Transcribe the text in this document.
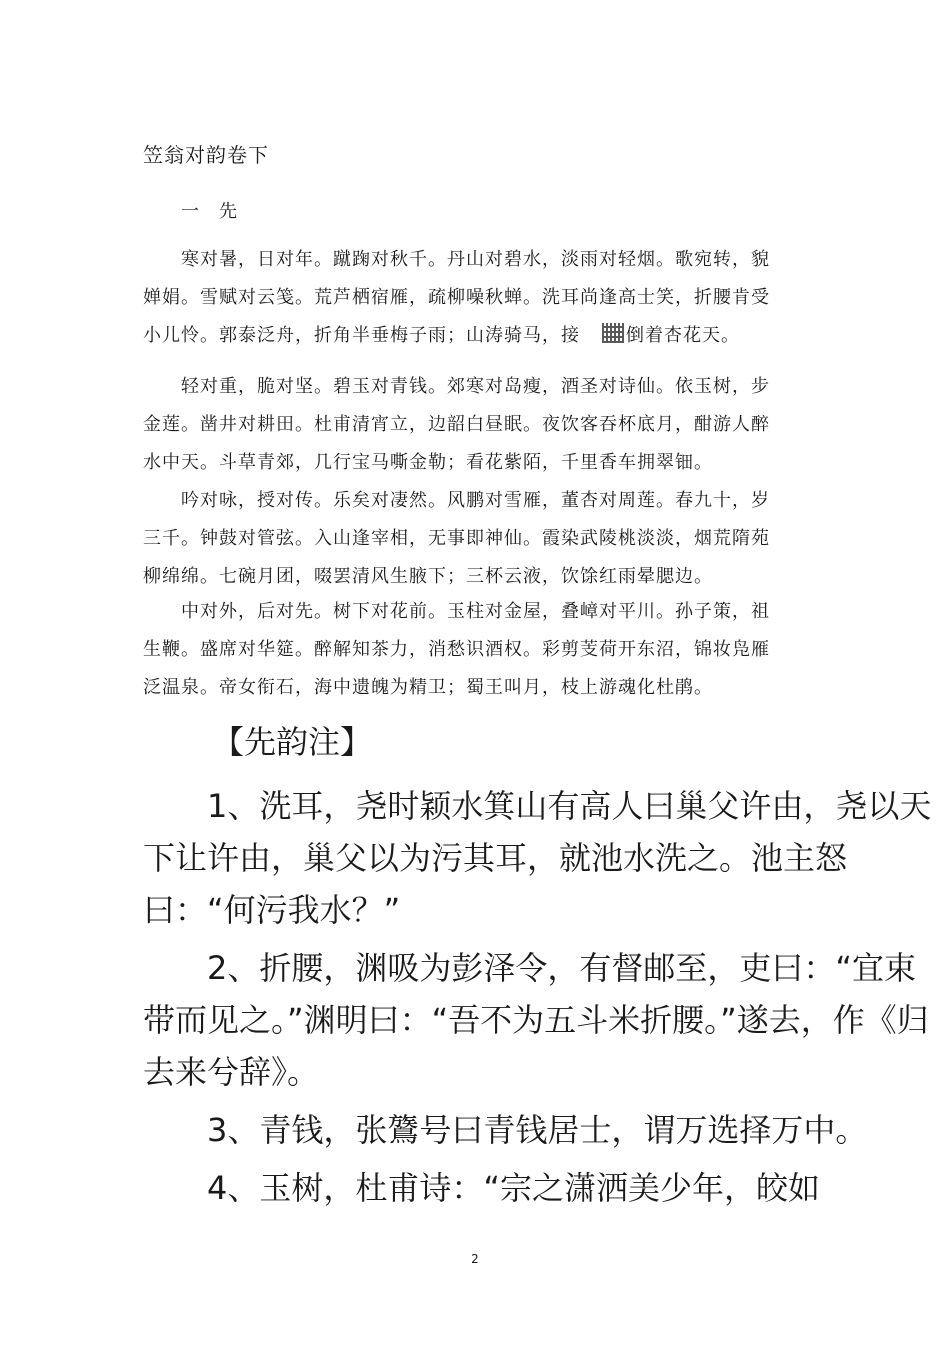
笠翁对韵卷下
一　先

寒对暑，日对年。蹴踘对秋千。丹山对碧水，淡雨对轻烟。歌宛转，貌婵娟。雪赋对云笺。荒芦栖宿雁，疏柳噪秋蝉。洗耳尚逢高士笑，折腰肯受小儿怜。郭泰泛舟，折角半垂梅子雨；山涛骑马，接	倒着杏花天。

轻对重，脆对坚。碧玉对青钱。郊寒对岛瘦，酒圣对诗仙。依玉树，步金莲。凿井对耕田。杜甫清宵立，边韶白昼眠。夜饮客吞杯底月，酣游人醉水中天。斗草青郊，几行宝马嘶金勒；看花紫陌，千里香车拥翠钿。

吟对咏，授对传。乐矣对凄然。风鹏对雪雁，董杏对周莲。春九十，岁三千。钟鼓对管弦。入山逢宰相，无事即神仙。霞染武陵桃淡淡，烟荒隋苑柳绵绵。七碗月团，啜罢清风生腋下；三杯云液，饮馀红雨晕腮边。

中对外，后对先。树下对花前。玉柱对金屋，叠嶂对平川。孙子策，祖生鞭。盛席对华筵。醉解知茶力，消愁识酒权。彩剪芰荷开东沼，锦妆凫雁泛温泉。帝女衔石，海中遗魄为精卫；蜀王叫月，枝上游魂化杜鹃。

【先韵注】

1、洗耳，尧时颖水箕山有高人曰巢父许由，尧以天下让许由，巢父以为污其耳，就池水洗之。池主怒曰：“何污我水？”

2、折腰，渊吸为彭泽令，有督邮至，吏曰：“宜束带而见之。”渊明曰：“吾不为五斗米折腰。”遂去，作《归去来兮辞》。

3、青钱，张鷟号曰青钱居士，谓万选择万中。

4、玉树，杜甫诗：“宗之潇洒美少年，皎如

2
